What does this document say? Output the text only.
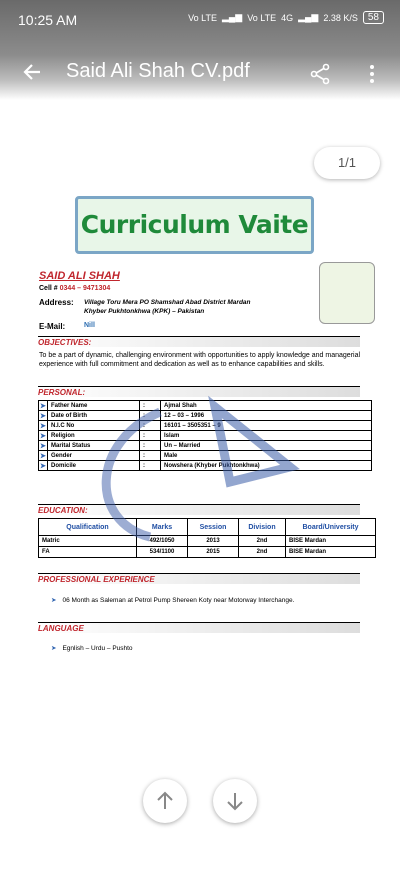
10:25 AM	Vo LTE ▂▄▆ Vo LTE 4G ▂▄▆ 2.38 K/S	58
Said Ali Shah CV.pdf
1/1
Curriculum Vaite
SAID ALI SHAH
Cell # 0344 – 9471304
Address: Village Toru Mera PO Shamshad Abad District Mardan
Khyber Pukhtonkhwa (KPK) – Pakistan
E-Mail:	Nill
OBJECTIVES:
To be a part of dynamic, challenging environment with opportunities to apply knowledge and managerial experience with full commitment and dedication as well as to enhance capabilities and skills.
PERSONAL:
➤	Father Name	:	Ajmal Shah
➤	Date of Birth	:	12 – 03 – 1996
➤	N.I.C No	:	16101 – 3505351 – 9
➤	Religion	:	Islam
➤	Marital Status	:	Un – Married
➤	Gender	:	Male
➤	Domicile	:	Nowshera (Khyber Pukhtonkhwa)
EDUCATION:
Qualification	Marks	Session	Division	Board/University
Matric	492/1050	2013	2nd	BISE Mardan
FA	534/1100	2015	2nd	BISE Mardan
PROFESSIONAL EXPERIENCE
➤ 06 Month as Saleman at Petrol Pump Shereen Koty near Motorway Interchange.
LANGUAGE
➤ Egnlish – Urdu – Pushto
